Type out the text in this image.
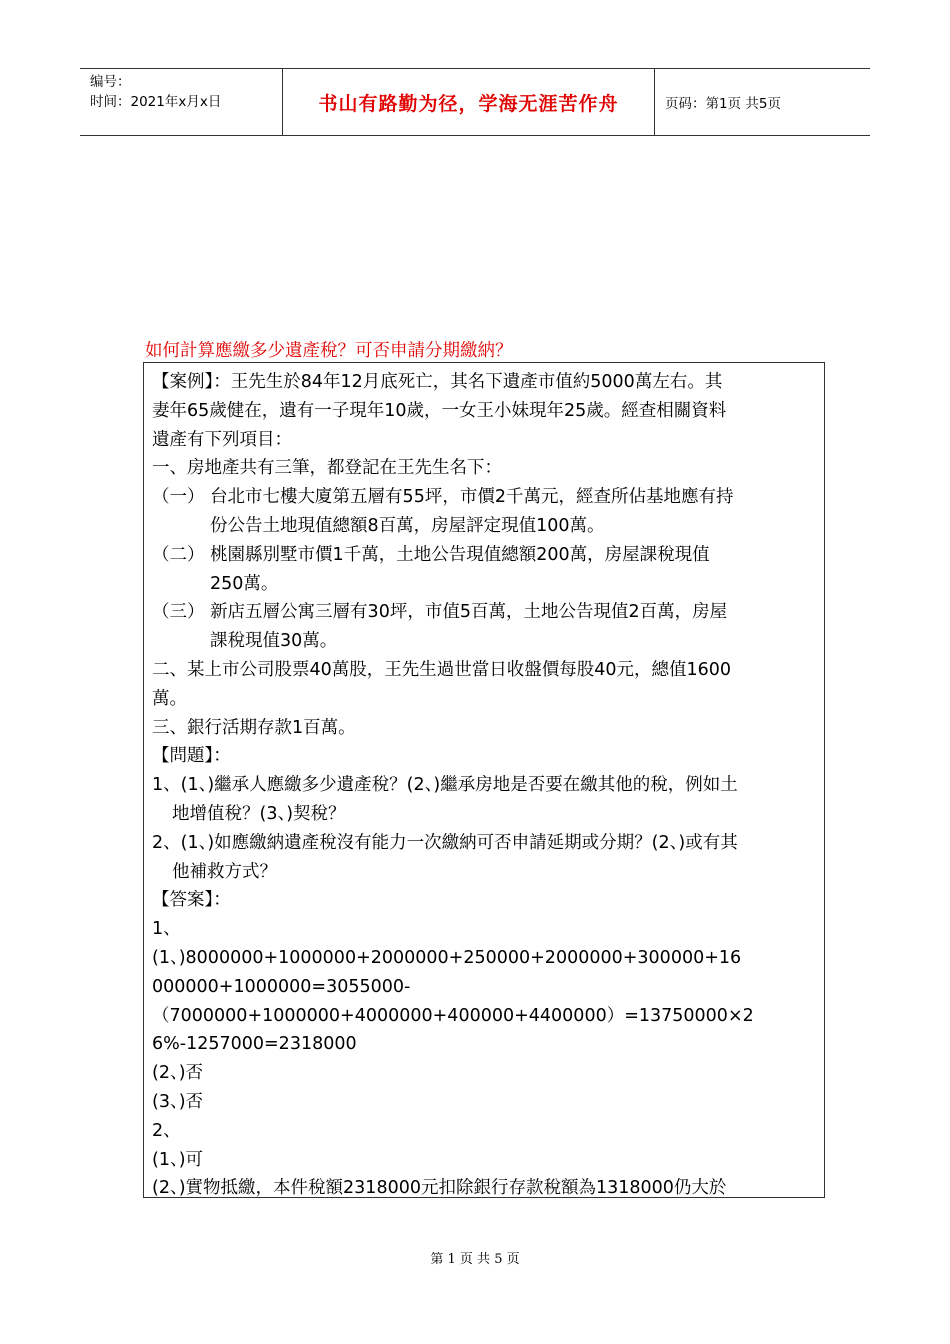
编号：
时间：2021年x月x日	书山有路勤为径，学海无涯苦作舟	页码：第1页 共5页
如何計算應繳多少遺產稅？可否申請分期繳納？
【案例】：王先生於84年12月底死亡，其名下遺產市值約5000萬左右。其
妻年65歲健在，遺有一子現年10歲，一女王小妹現年25歲。經查相關資料
遺產有下列項目：
一、房地產共有三筆，都登記在王先生名下：
（一） 台北市七樓大廈第五層有55坪，市價2千萬元，經查所佔基地應有持
份公告土地現值總額8百萬，房屋評定現值100萬。
（二） 桃園縣別墅市價1千萬，土地公告現值總額200萬，房屋課稅現值
250萬。
（三） 新店五層公寓三層有30坪，市值5百萬，土地公告現值2百萬，房屋
課稅現值30萬。
二、某上市公司股票40萬股，王先生過世當日收盤價每股40元，總值1600
萬。
三、銀行活期存款1百萬。
【問題】：
1、(1、)繼承人應繳多少遺產稅？(2、)繼承房地是否要在繳其他的稅，例如土
地增值稅？(3、)契稅？
2、(1、)如應繳納遺產稅沒有能力一次繳納可否申請延期或分期？(2、)或有其
他補救方式？
【答案】：
1、
(1、)8000000+1000000+2000000+250000+2000000+300000+16
000000+1000000=3055000-
（7000000+1000000+4000000+400000+4400000）=13750000×2
6%-1257000=2318000
(2、)否
(3、)否
2、
(1、)可
(2、)實物抵繳，本件稅額2318000元扣除銀行存款稅額為1318000仍大於
第 1 页 共 5 页
